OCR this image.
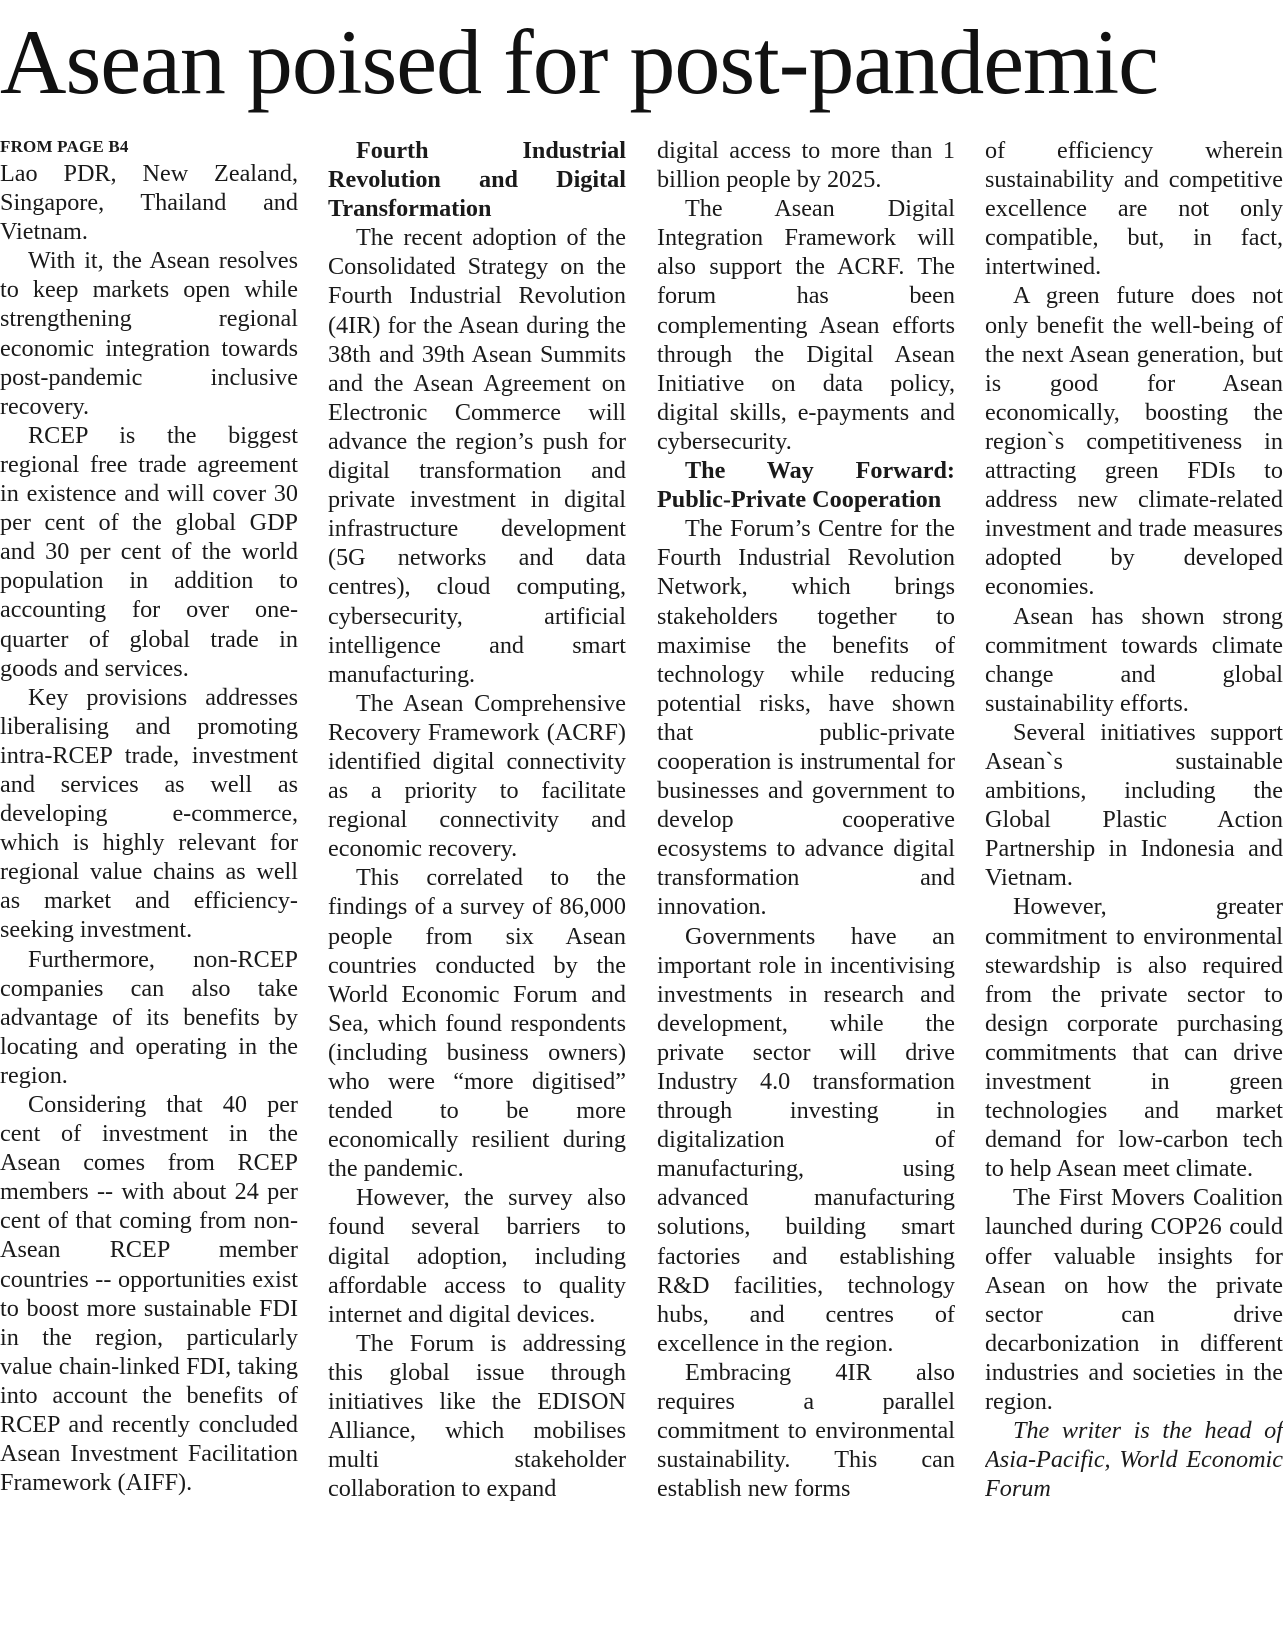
Asean poised for post-pandemic
FROM PAGE B4

Lao PDR, New Zealand, Singapore, Thailand and Vietnam.

With it, the Asean resolves to keep markets open while strengthening regional economic integration towards post-pandemic inclusive recovery.

RCEP is the biggest regional free trade agreement in existence and will cover 30 per cent of the global GDP and 30 per cent of the world population in addition to accounting for over one-quarter of global trade in goods and services.

Key provisions addresses liberalising and promoting intra-RCEP trade, investment and services as well as developing e-commerce, which is highly relevant for regional value chains as well as market and efficiency-seeking investment.

Furthermore, non-RCEP companies can also take advantage of its benefits by locating and operating in the region.

Considering that 40 per cent of investment in the Asean comes from RCEP members -- with about 24 per cent of that coming from non-Asean RCEP member countries -- opportunities exist to boost more sustainable FDI in the region, particularly value chain-linked FDI, taking into account the benefits of RCEP and recently concluded Asean Investment Facilitation Framework (AIFF).

Fourth Industrial Revolution and Digital Transformation

The recent adoption of the Consolidated Strategy on the Fourth Industrial Revolution (4IR) for the Asean during the 38th and 39th Asean Summits and the Asean Agreement on Electronic Commerce will advance the region’s push for digital transformation and private investment in digital infrastructure development (5G networks and data centres), cloud computing, cybersecurity, artificial intelligence and smart manufacturing.

The Asean Comprehensive Recovery Framework (ACRF) identified digital connectivity as a priority to facilitate regional connectivity and economic recovery.

This correlated to the findings of a survey of 86,000 people from six Asean countries conducted by the World Economic Forum and Sea, which found respondents (including business owners) who were “more digitised” tended to be more economically resilient during the pandemic.

However, the survey also found several barriers to digital adoption, including affordable access to quality internet and digital devices.

The Forum is addressing this global issue through initiatives like the EDISON Alliance, which mobilises multi stakeholder collaboration to expand

digital access to more than 1 billion people by 2025.

The Asean Digital Integration Framework will also support the ACRF. The forum has been complementing Asean efforts through the Digital Asean Initiative on data policy, digital skills, e-payments and cybersecurity.

The Way Forward: Public-Private Cooperation

The Forum’s Centre for the Fourth Industrial Revolution Network, which brings stakeholders together to maximise the benefits of technology while reducing potential risks, have shown that public-private cooperation is instrumental for businesses and government to develop cooperative ecosystems to advance digital transformation and innovation.

Governments have an important role in incentivising investments in research and development, while the private sector will drive Industry 4.0 transformation through investing in digitalization of manufacturing, using advanced manufacturing solutions, building smart factories and establishing R&D facilities, technology hubs, and centres of excellence in the region.

Embracing 4IR also requires a parallel commitment to environmental sustainability. This can establish new forms

of efficiency wherein sustainability and competitive excellence are not only compatible, but, in fact, intertwined.

A green future does not only benefit the well-being of the next Asean generation, but is good for Asean economically, boosting the region`s competitiveness in attracting green FDIs to address new climate-related investment and trade measures adopted by developed economies.

Asean has shown strong commitment towards climate change and global sustainability efforts.

Several initiatives support Asean`s sustainable ambitions, including the Global Plastic Action Partnership in Indonesia and Vietnam.

However, greater commitment to environmental stewardship is also required from the private sector to design corporate purchasing commitments that can drive investment in green technologies and market demand for low-carbon tech to help Asean meet climate.

The First Movers Coalition launched during COP26 could offer valuable insights for Asean on how the private sector can drive decarbonization in different industries and societies in the region.

The writer is the head of Asia-Pacific, World Economic Forum
